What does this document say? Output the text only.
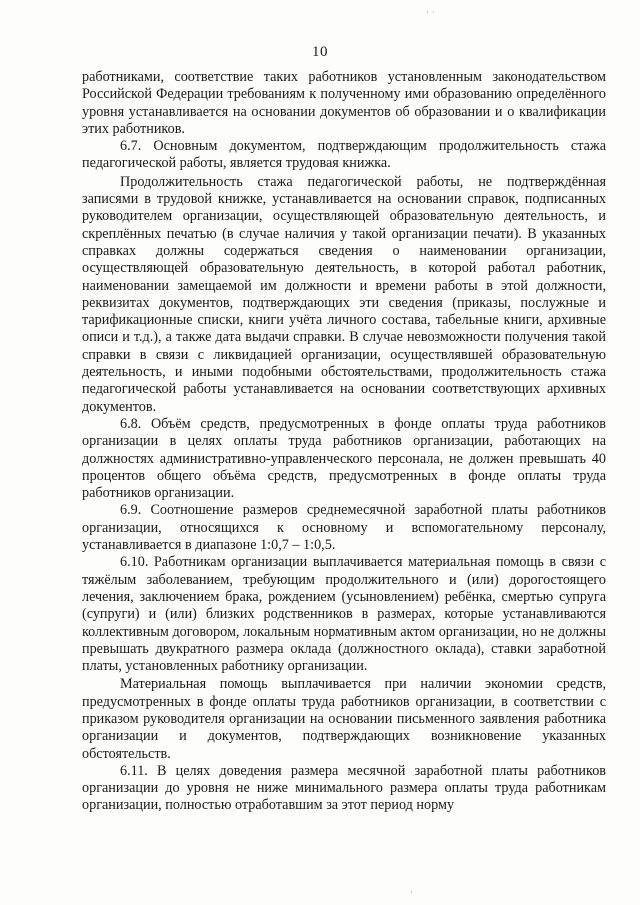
· ·
·
10

работниками, соответствие таких работников установленным законодательством Российской Федерации требованиям к полученному ими образованию определённого уровня устанавливается на основании документов об образовании и о квалификации этих работников.

6.7. Основным документом, подтверждающим продолжительность стажа педагогической работы, является трудовая книжка.

Продолжительность стажа педагогической работы, не подтверждённая записями в трудовой книжке, устанавливается на основании справок, подписанных руководителем организации, осуществляющей образовательную деятельность, и скреплённых печатью (в случае наличия у такой организации печати). В указанных справках должны содержаться сведения о наименовании организации, осуществляющей образовательную деятельность, в которой работал работник, наименовании замещаемой им должности и времени работы в этой должности, реквизитах документов, подтверждающих эти сведения (приказы, послужные и тарификационные списки, книги учёта личного состава, табельные книги, архивные описи и т.д.), а также дата выдачи справки. В случае невозможности получения такой справки в связи с ликвидацией организации, осуществлявшей образовательную деятельность, и иными подобными обстоятельствами, продолжительность стажа педагогической работы устанавливается на основании соответствующих архивных документов.

6.8. Объём средств, предусмотренных в фонде оплаты труда работников организации в целях оплаты труда работников организации, работающих на должностях административно-управленческого персонала, не должен превышать 40 процентов общего объёма средств, предусмотренных в фонде оплаты труда работников организации.

6.9. Соотношение размеров среднемесячной заработной платы работников организации, относящихся к основному и вспомогательному персоналу, устанавливается в диапазоне 1:0,7 – 1:0,5.

6.10. Работникам организации выплачивается материальная помощь в связи с тяжёлым заболеванием, требующим продолжительного и (или) дорогостоящего лечения, заключением брака, рождением (усыновлением) ребёнка, смертью супруга (супруги) и (или) близких родственников в размерах, которые устанавливаются коллективным договором, локальным нормативным актом организации, но не должны превышать двукратного размера оклада (должностного оклада), ставки заработной платы, установленных работнику организации.

Материальная помощь выплачивается при наличии экономии средств, предусмотренных в фонде оплаты труда работников организации, в соответствии с приказом руководителя организации на основании письменного заявления работника организации и документов, подтверждающих возникновение указанных обстоятельств.

6.11. В целях доведения размера месячной заработной платы работников организации до уровня не ниже минимального размера оплаты труда работникам организации, полностью отработавшим за этот период норму
